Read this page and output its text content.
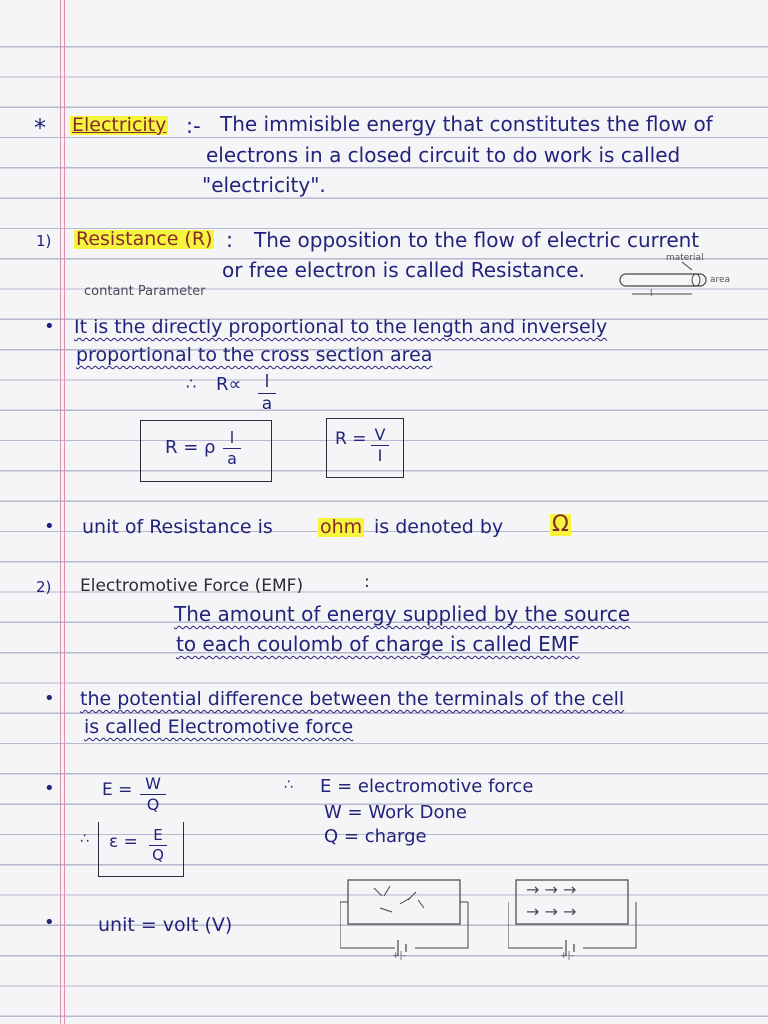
* Electricity :- The immisible energy that constitutes the flow of
electrons in a closed circuit to do work is called
"electricity".
1) Resistance (R) : The opposition to the flow of electric current
or free electron is called Resistance.
contant Parameter
material
area
l
• It is the directly proportional to the length and inversely
proportional to the cross section area
∴ R∝	l
a
R = ρ l
a
R = V
I
• unit of Resistance is ohm is denoted by Ω
2) Electromotive Force (EMF)	:
The amount of energy supplied by the source
to each coulomb of charge is called EMF
• the potential difference between the terminals of the cell
is called Electromotive force
•	E = W
Q
∴ E = electromotive force
W = Work Done
Q = charge
∴ ε = E
Q
• unit = volt (V)
→ → →
→ → →
+|-	+|-
